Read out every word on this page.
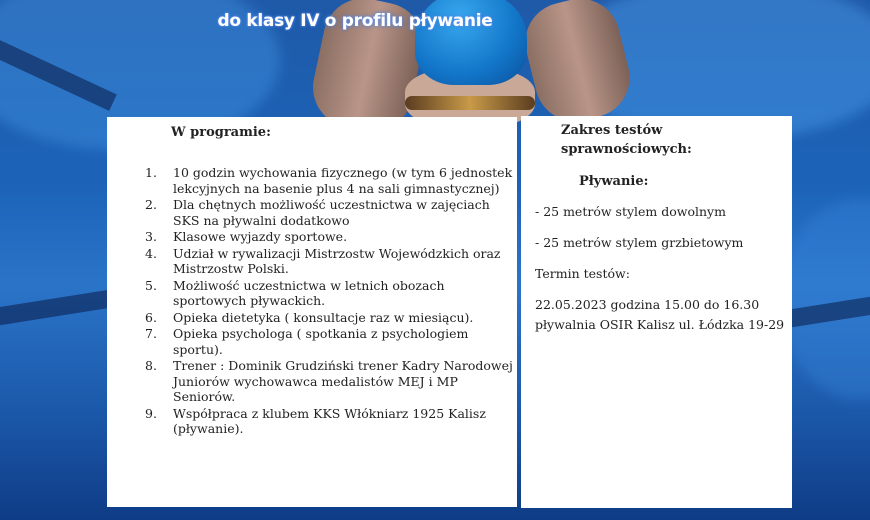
do klasy IV o profilu pływanie
W programie:
1.	10 godzin wychowania fizycznego (w tym 6 jednostek lekcyjnych na basenie plus 4 na sali gimnastycznej)
2.	Dla chętnych możliwość uczestnictwa w zajęciach SKS na pływalni dodatkowo
3.	Klasowe wyjazdy sportowe.
4.	Udział w rywalizacji Mistrzostw Wojewódzkich oraz Mistrzostw Polski.
5.	Możliwość uczestnictwa w letnich obozach sportowych pływackich.
6.	Opieka dietetyka ( konsultacje raz w miesiącu).
7.	Opieka psychologa ( spotkania z psychologiem sportu).
8.	Trener : Dominik Grudziński trener Kadry Narodowej Juniorów wychowawca medalistów MEJ i MP Seniorów.
9.	Współpraca z klubem KKS Włókniarz 1925 Kalisz (pływanie).
Zakres testów
sprawnościowych:
Pływanie:
- 25 metrów stylem dowolnym
- 25 metrów stylem grzbietowym
Termin testów:
22.05.2023 godzina 15.00 do 16.30
pływalnia OSIR Kalisz ul. Łódzka 19-29
